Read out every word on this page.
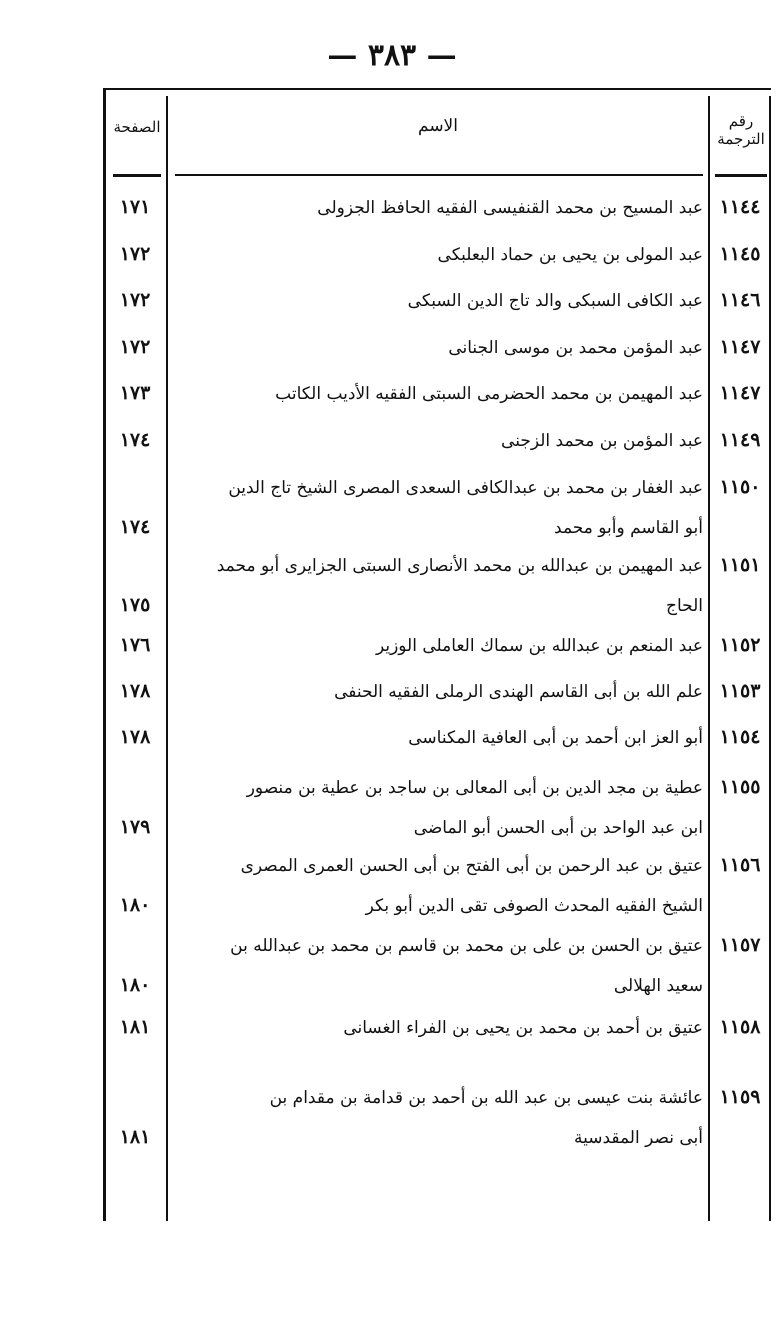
— ٣٨٣ —
الصفحة	الاسم	رقم الترجمة
١١٤٤
عبد المسيح بن محمد القنفيسى الفقيه الحافظ الجزولى
١٧١
١١٤٥
عبد المولى بن يحيى بن حماد البعلبكى
١٧٢
١١٤٦
عبد الكافى السبكى والد تاج الدين السبكى
١٧٢
١١٤٧
عبد المؤمن محمد بن موسى الجنانى
١٧٢
١١٤٧
عبد المهيمن بن محمد الحضرمى السبتى الفقيه الأديب الكاتب
١٧٣
١١٤٩
عبد المؤمن بن محمد الزجنى
١٧٤
١١٥٠
عبد الغفار بن محمد بن عبدالكافى السعدى المصرى الشيخ تاج الدين
أبو القاسم وأبو محمد
١٧٤
١١٥١
عبد المهيمن بن عبدالله بن محمد الأنصارى السبتى الجزايرى أبو محمد
الحاج
١٧٥
١١٥٢
عبد المنعم بن عبدالله بن سماك العاملى الوزير
١٧٦
١١٥٣
علم الله بن أبى القاسم الهندى الرملى الفقيه الحنفى
١٧٨
١١٥٤
أبو العز ابن أحمد بن أبى العافية المكناسى
١٧٨
١١٥٥
عطية بن مجد الدين بن أبى المعالى بن ساجد بن عطية بن منصور
ابن عبد الواحد بن أبى الحسن أبو الماضى
١٧٩
١١٥٦
عتيق بن عبد الرحمن بن أبى الفتح بن أبى الحسن العمرى المصرى
الشيخ الفقيه المحدث الصوفى تقى الدين أبو بكر
١٨٠
١١٥٧
عتيق بن الحسن بن على بن محمد بن قاسم بن محمد بن عبدالله بن
سعيد الهلالى
١٨٠
١١٥٨
عتيق بن أحمد بن محمد بن يحيى بن الفراء الغسانى
١٨١
١١٥٩
عائشة بنت عيسى بن عبد الله بن أحمد بن قدامة بن مقدام بن
أبى نصر المقدسية
١٨١
